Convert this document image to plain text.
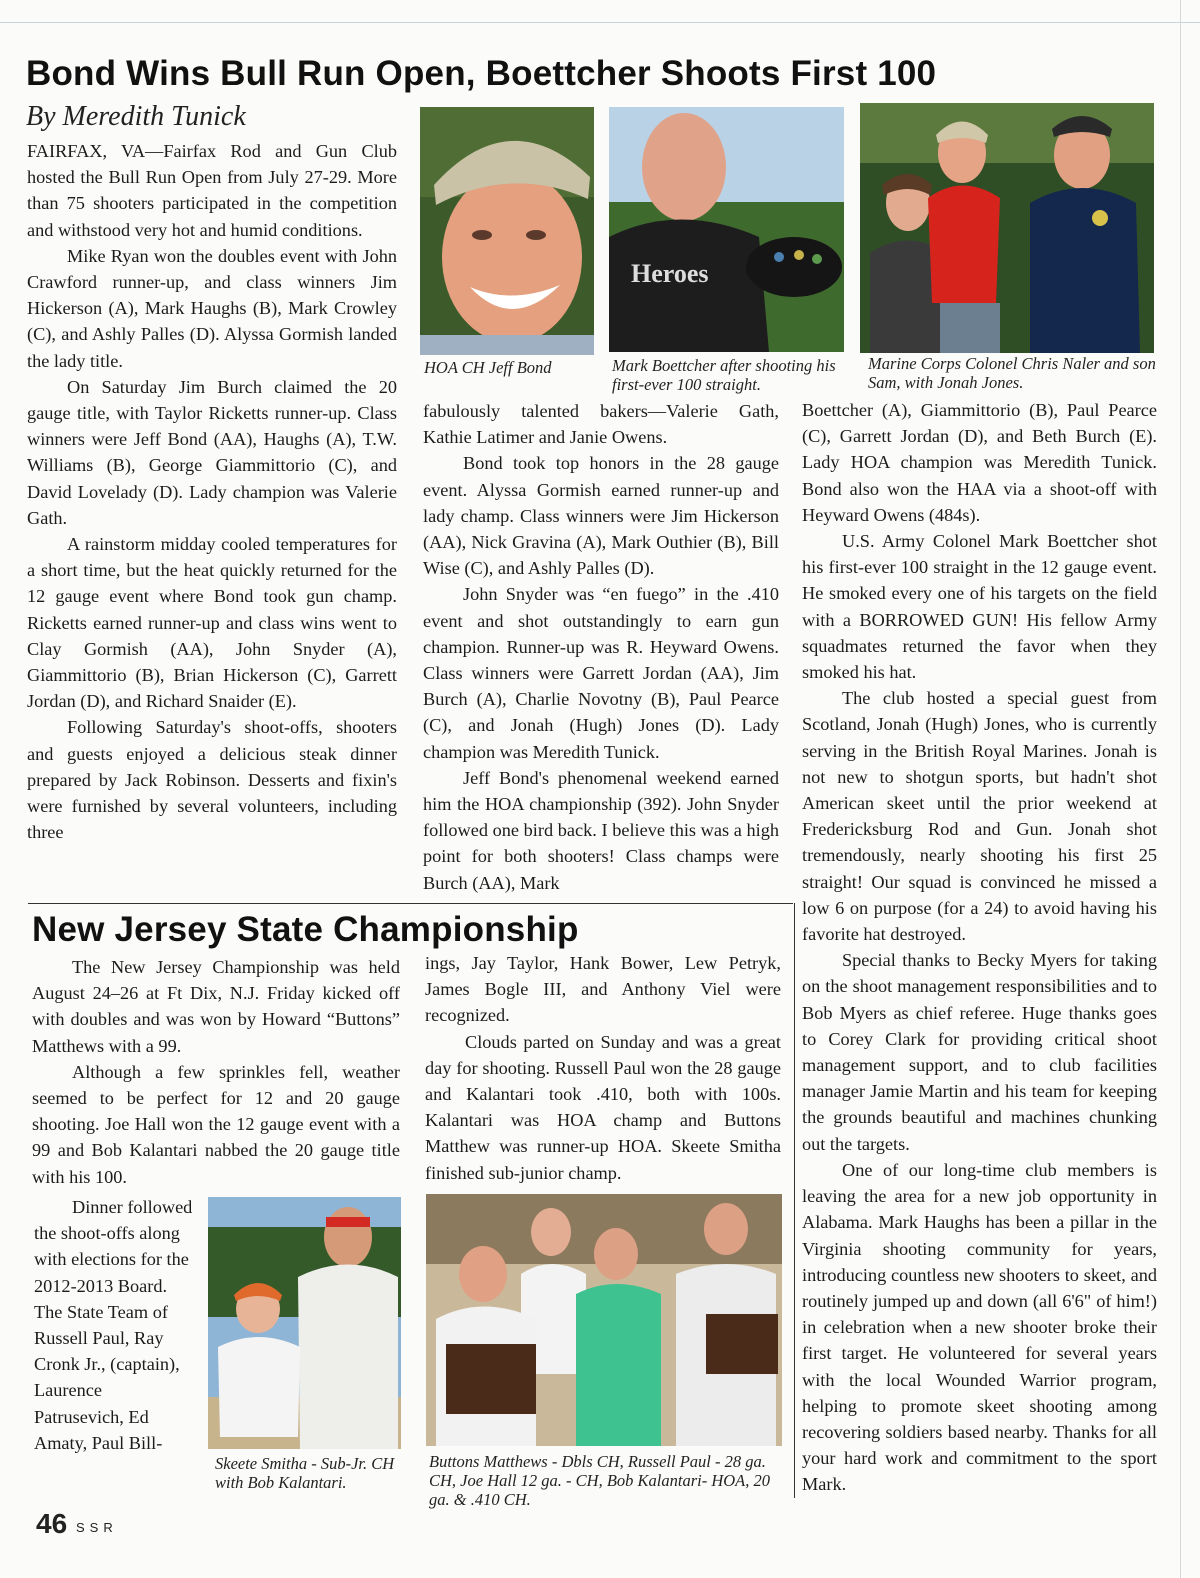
Bond Wins Bull Run Open, Boettcher Shoots First 100
By Meredith Tunick

FAIRFAX, VA—Fairfax Rod and Gun Club hosted the Bull Run Open from July 27-29. More than 75 shooters participated in the competition and withstood very hot and humid conditions.

Mike Ryan won the doubles event with John Crawford runner-up, and class winners Jim Hickerson (A), Mark Haughs (B), Mark Crowley (C), and Ashly Palles (D). Alyssa Gormish landed the lady title.

On Saturday Jim Burch claimed the 20 gauge title, with Taylor Ricketts runner-up. Class winners were Jeff Bond (AA), Haughs (A), T.W. Williams (B), George Giammittorio (C), and David Lovelady (D). Lady champion was Valerie Gath.

A rainstorm midday cooled temperatures for a short time, but the heat quickly returned for the 12 gauge event where Bond took gun champ. Ricketts earned runner-up and class wins went to Clay Gormish (AA), John Snyder (A), Giammittorio (B), Brian Hickerson (C), Garrett Jordan (D), and Richard Snaider (E).

Following Saturday's shoot-offs, shooters and guests enjoyed a delicious steak dinner prepared by Jack Robinson. Desserts and fixin's were furnished by several volunteers, including three

HOA CH Jeff Bond
Heroes
Mark Boettcher after shooting his first-ever 100 straight.
Marine Corps Colonel Chris Naler and son Sam, with Jonah Jones.

fabulously talented bakers—Valerie Gath, Kathie Latimer and Janie Owens.

Bond took top honors in the 28 gauge event. Alyssa Gormish earned runner-up and lady champ. Class winners were Jim Hickerson (AA), Nick Gravina (A), Mark Outhier (B), Bill Wise (C), and Ashly Palles (D).

John Snyder was “en fuego” in the .410 event and shot outstandingly to earn gun champion. Runner-up was R. Heyward Owens. Class winners were Garrett Jordan (AA), Jim Burch (A), Charlie Novotny (B), Paul Pearce (C), and Jonah (Hugh) Jones (D). Lady champion was Meredith Tunick.

Jeff Bond's phenomenal weekend earned him the HOA championship (392). John Snyder followed one bird back. I believe this was a high point for both shooters! Class champs were Burch (AA), Mark

Boettcher (A), Giammittorio (B), Paul Pearce (C), Garrett Jordan (D), and Beth Burch (E). Lady HOA champion was Meredith Tunick. Bond also won the HAA via a shoot-off with Heyward Owens (484s).

U.S. Army Colonel Mark Boettcher shot his first-ever 100 straight in the 12 gauge event. He smoked every one of his targets on the field with a BORROWED GUN! His fellow Army squadmates returned the favor when they smoked his hat.

The club hosted a special guest from Scotland, Jonah (Hugh) Jones, who is currently serving in the British Royal Marines. Jonah is not new to shotgun sports, but hadn't shot American skeet until the prior weekend at Fredericksburg Rod and Gun. Jonah shot tremendously, nearly shooting his first 25 straight! Our squad is convinced he missed a low 6 on purpose (for a 24) to avoid having his favorite hat destroyed.

Special thanks to Becky Myers for taking on the shoot management responsibilities and to Bob Myers as chief referee. Huge thanks goes to Corey Clark for providing critical shoot management support, and to club facilities manager Jamie Martin and his team for keeping the grounds beautiful and machines chunking out the targets.

One of our long-time club members is leaving the area for a new job opportunity in Alabama. Mark Haughs has been a pillar in the Virginia shooting community for years, introducing countless new shooters to skeet, and routinely jumped up and down (all 6'6" of him!) in celebration when a new shooter broke their first target. He volunteered for several years with the local Wounded Warrior program, helping to promote skeet shooting among recovering soldiers based nearby. Thanks for all your hard work and commitment to the sport Mark.

New Jersey State Championship

The New Jersey Championship was held August 24–26 at Ft Dix, N.J. Friday kicked off with doubles and was won by Howard “Buttons” Matthews with a 99.

Although a few sprinkles fell, weather seemed to be perfect for 12 and 20 gauge shooting. Joe Hall won the 12 gauge event with a 99 and Bob Kalantari nabbed the 20 gauge title with his 100.

Dinner followed the shoot-offs along with elections for the 2012-2013 Board. The State Team of Russell Paul, Ray Cronk Jr., (captain), Laurence Patrusevich, Ed Amaty, Paul Bill-

Skeete Smitha - Sub-Jr. CH with Bob Kalantari.

ings, Jay Taylor, Hank Bower, Lew Petryk, James Bogle III, and Anthony Viel were recognized.

Clouds parted on Sunday and was a great day for shooting. Russell Paul won the 28 gauge and Kalantari took .410, both with 100s. Kalantari was HOA champ and Buttons Matthew was runner-up HOA. Skeete Smitha finished sub-junior champ.

Buttons Matthews - Dbls CH, Russell Paul - 28 ga. CH, Joe Hall 12 ga. - CH, Bob Kalantari- HOA, 20 ga. & .410 CH.
46 SSR
